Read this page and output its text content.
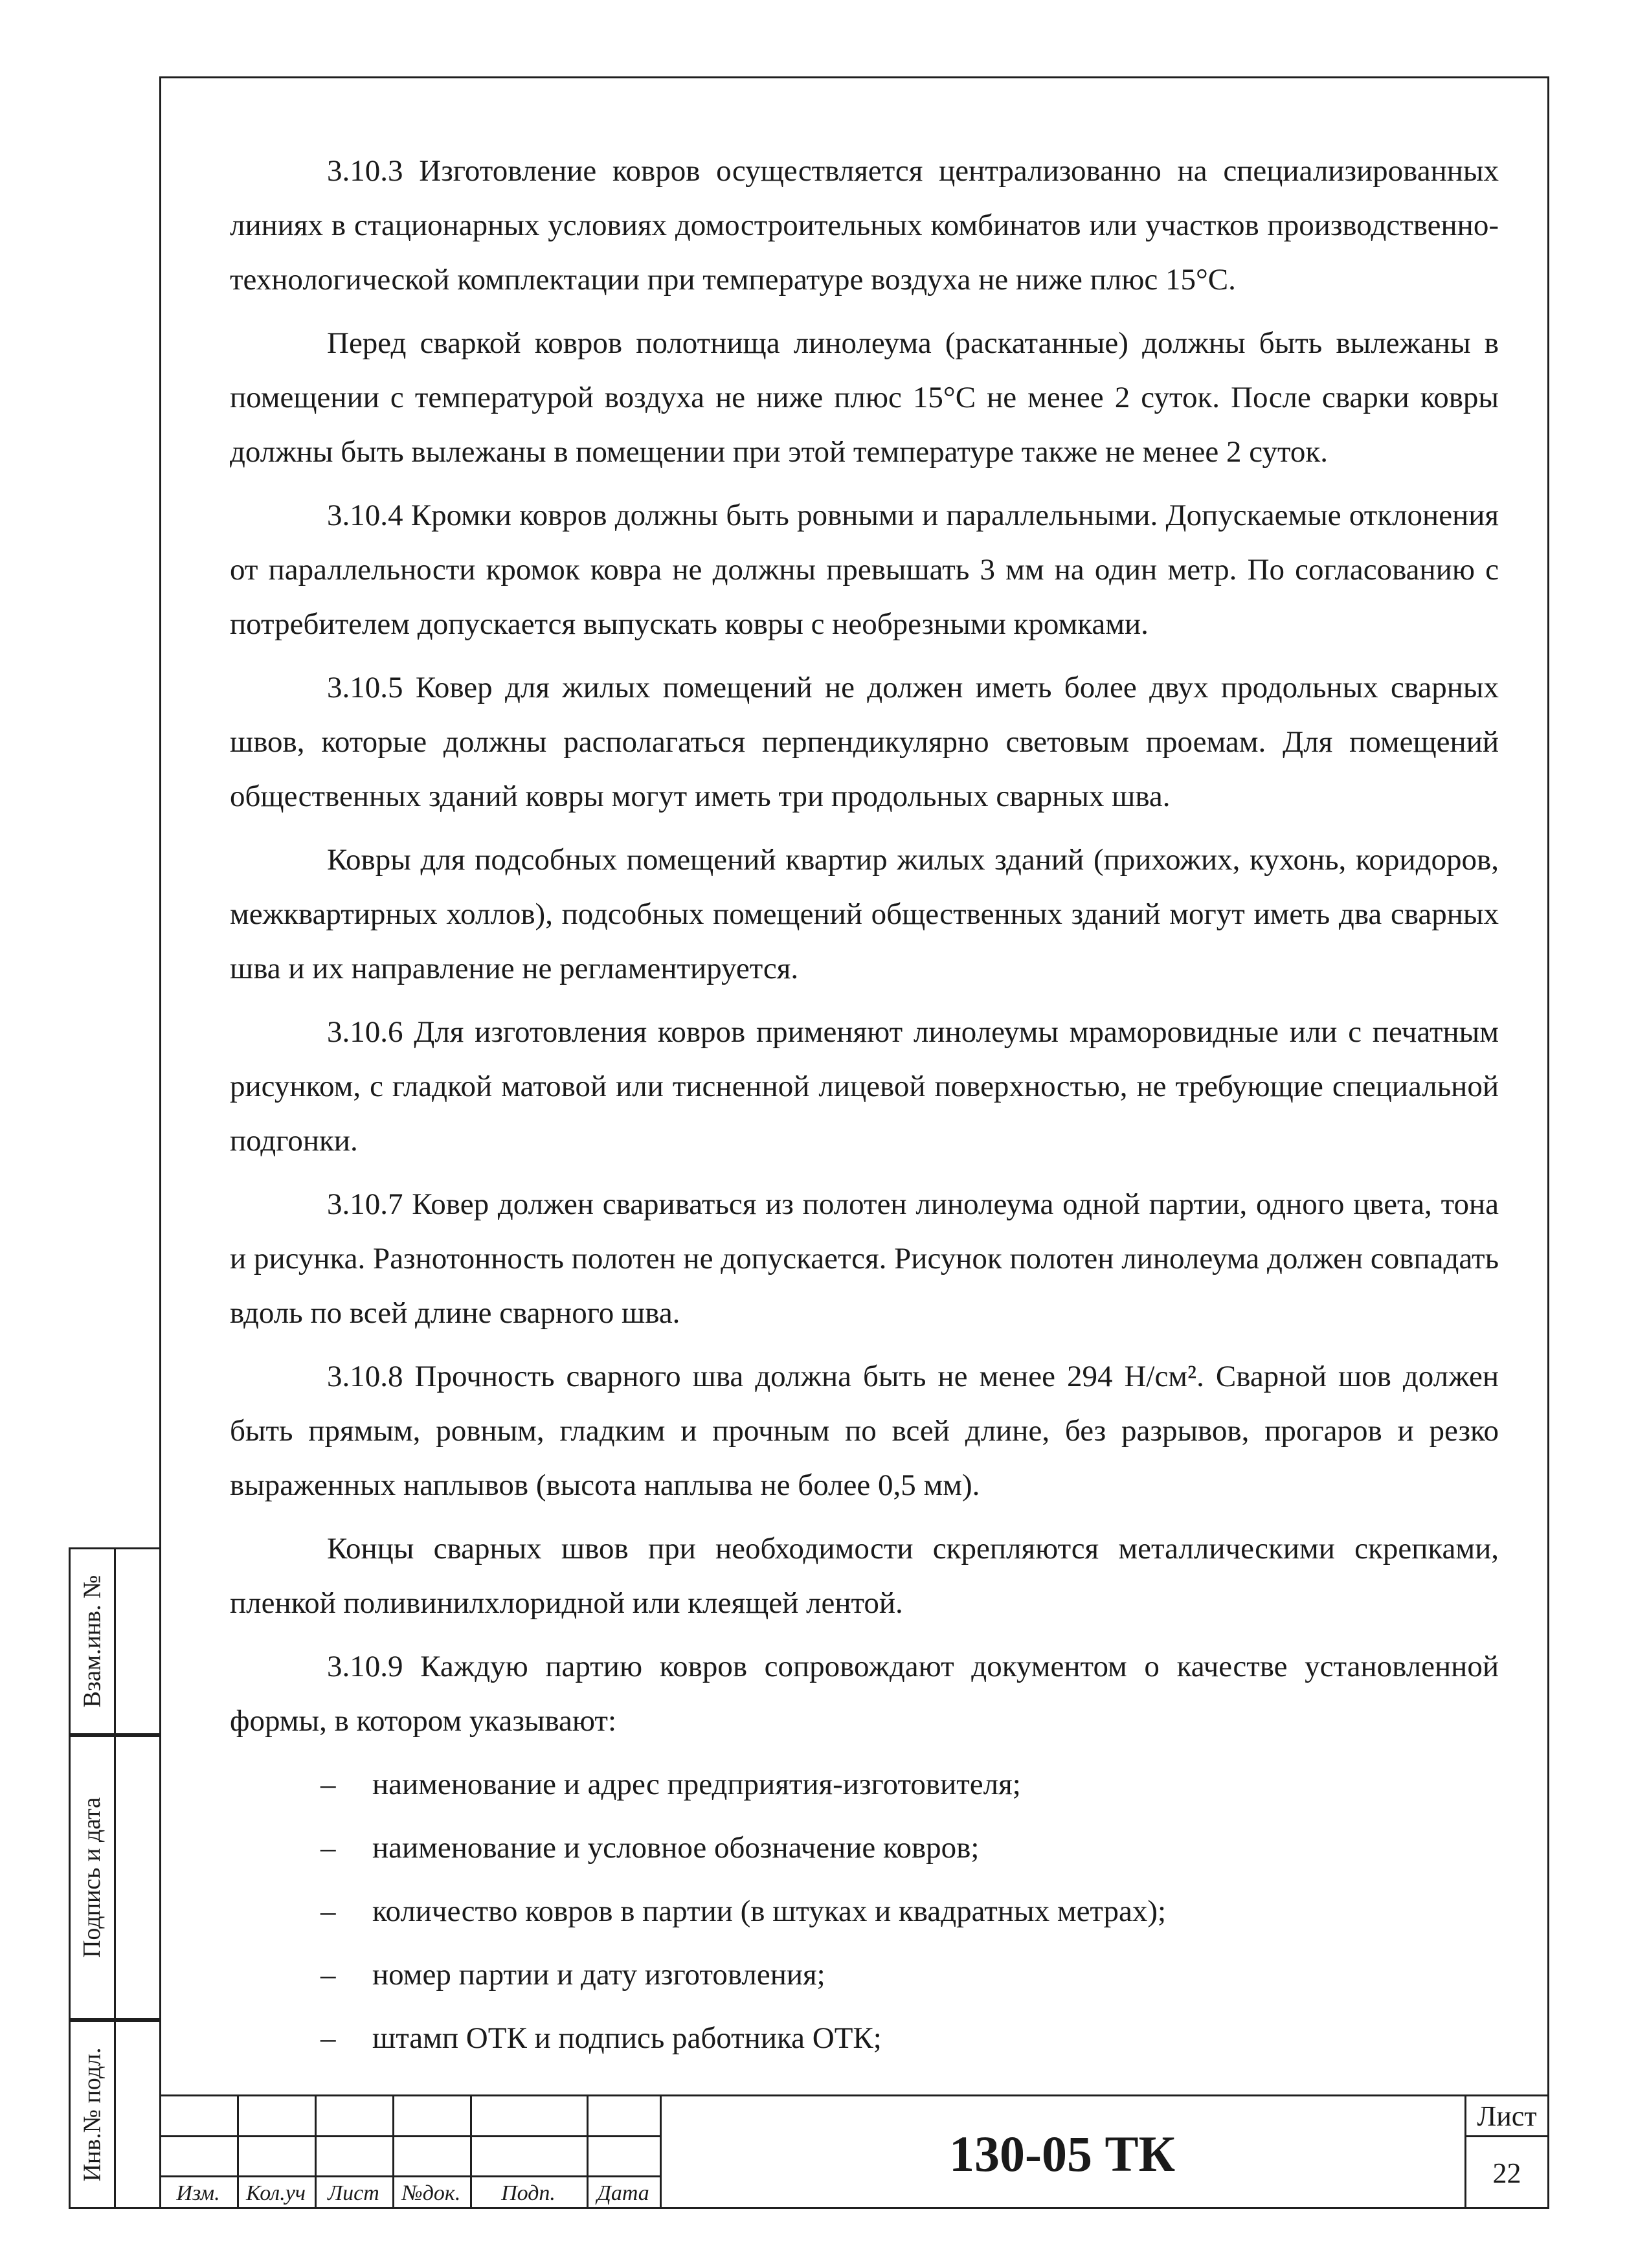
3.10.3 Изготовление ковров осуществляется централизованно на специализированных линиях в стационарных условиях домостроительных комбинатов или участков производственно-технологической комплектации при температуре воздуха не ниже плюс 15°С.

Перед сваркой ковров полотнища линолеума (раскатанные) должны быть вылежаны в помещении с температурой воздуха не ниже плюс 15°С не менее 2 суток. После сварки ковры должны быть вылежаны в помещении при этой температуре также не менее 2 суток.

3.10.4 Кромки ковров должны быть ровными и параллельными. Допускаемые отклонения от параллельности кромок ковра не должны превышать 3 мм на один метр. По согласованию с потребителем допускается выпускать ковры с необрезными кромками.

3.10.5 Ковер для жилых помещений не должен иметь более двух продольных сварных швов, которые должны располагаться перпендикулярно световым проемам. Для помещений общественных зданий ковры могут иметь три продольных сварных шва.

Ковры для подсобных помещений квартир жилых зданий (прихожих, кухонь, коридоров, межквартирных холлов), подсобных помещений общественных зданий могут иметь два сварных шва и их направление не регламентируется.

3.10.6 Для изготовления ковров применяют линолеумы мраморовидные или с печатным рисунком, с гладкой матовой или тисненной лицевой поверхностью, не требующие специальной подгонки.

3.10.7 Ковер должен свариваться из полотен линолеума одной партии, одного цвета, тона и рисунка. Разнотонность полотен не допускается. Рисунок полотен линолеума должен совпадать вдоль по всей длине сварного шва.

3.10.8 Прочность сварного шва должна быть не менее 294 Н/см². Сварной шов должен быть прямым, ровным, гладким и прочным по всей длине, без разрывов, прогаров и резко выраженных наплывов (высота наплыва не более 0,5 мм).

Концы сварных швов при необходимости скрепляются металлическими скрепками, пленкой поливинилхлоридной или клеящей лентой.

3.10.9 Каждую партию ковров сопровождают документом о качестве установленной формы, в котором указывают:

– наименование и адрес предприятия-изготовителя;
– наименование и условное обозначение ковров;
– количество ковров в партии (в штуках и квадратных метрах);
– номер партии и дату изготовления;
– штамп ОТК и подпись работника ОТК;
Взам.инв. №
Подпись и дата
Инв.№ подл.
Изм.	Кол.уч	Лист	№док.	Подп.	Дата
130-05 ТК
Лист
22
